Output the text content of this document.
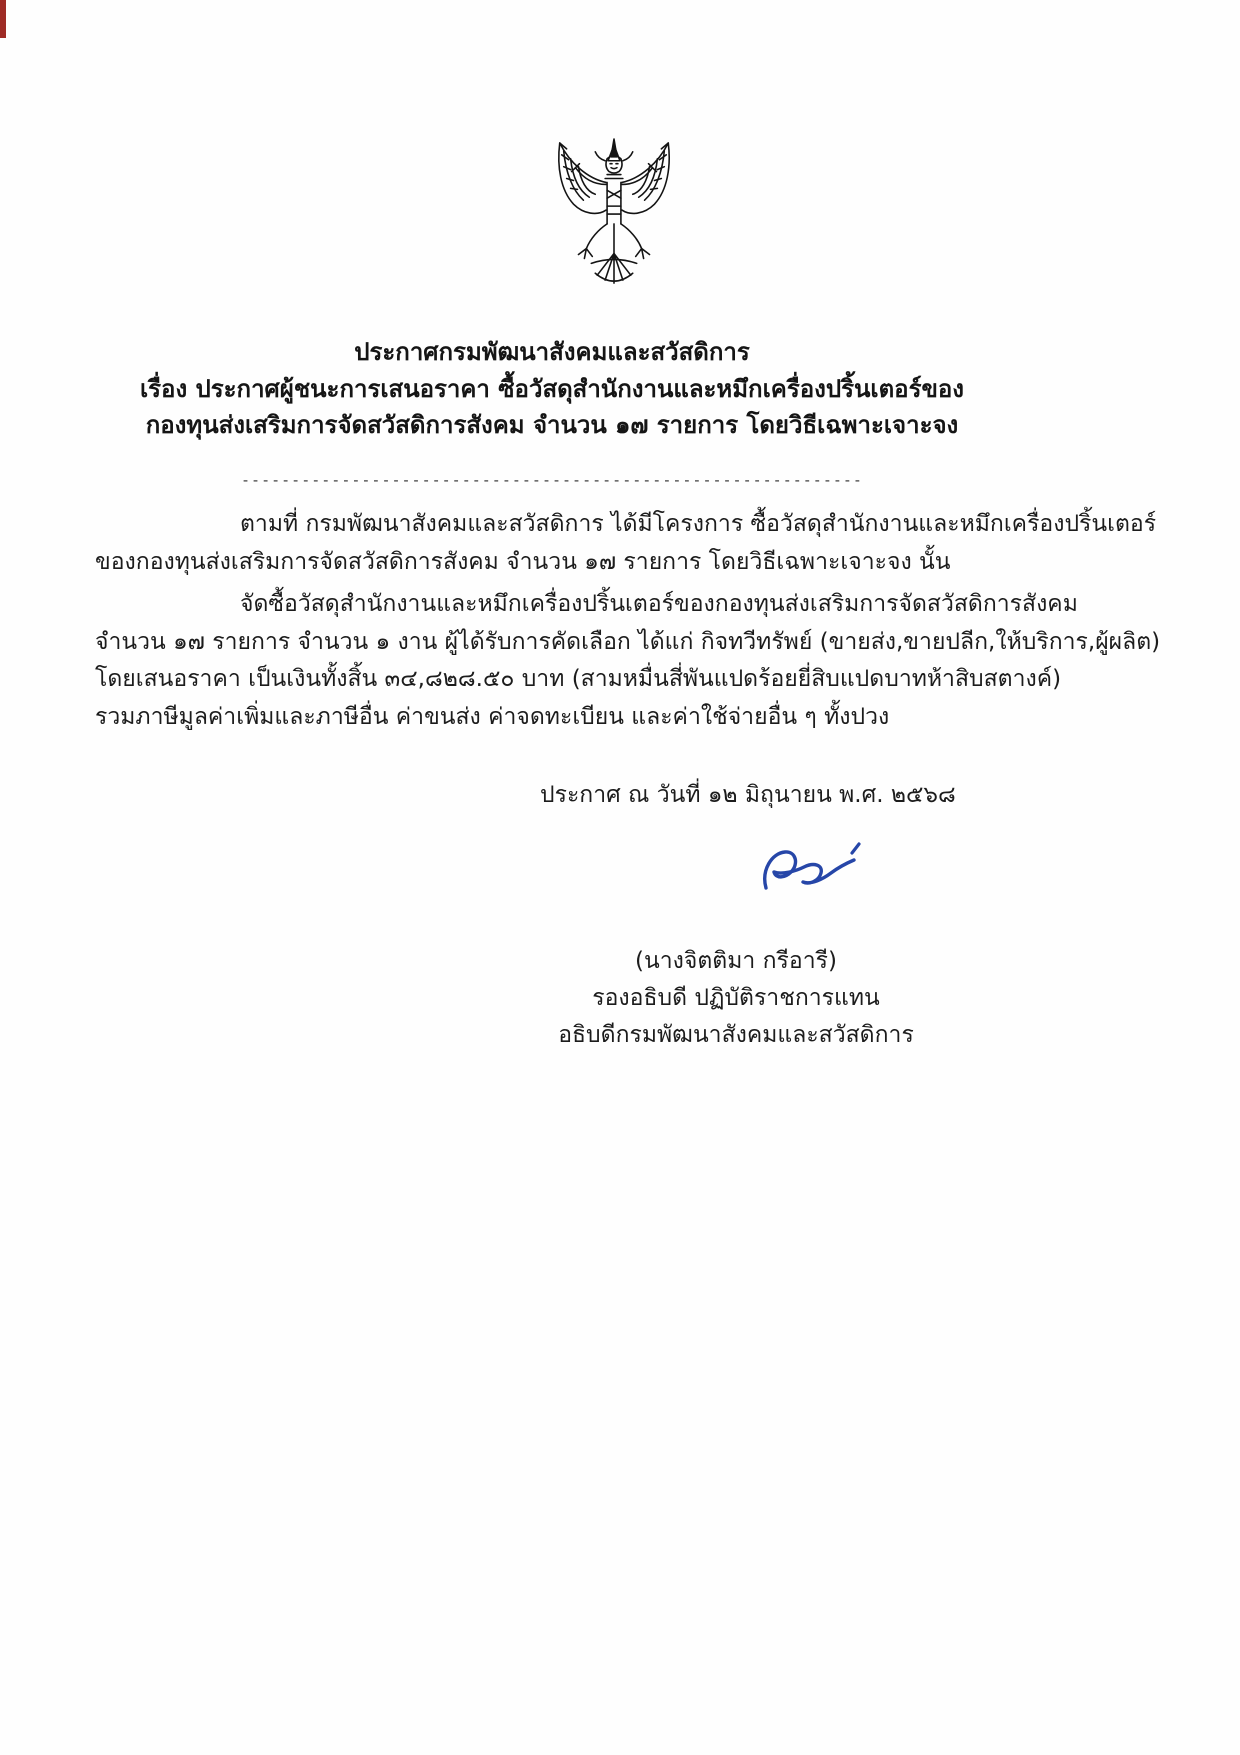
ประกาศกรมพัฒนาสังคมและสวัสดิการ
เรื่อง ประกาศผู้ชนะการเสนอราคา ซื้อวัสดุสำนักงานและหมึกเครื่องปริ้นเตอร์ของ
กองทุนส่งเสริมการจัดสวัสดิการสังคม จำนวน ๑๗ รายการ โดยวิธีเฉพาะเจาะจง
--------------------------------------------------------------
ตามที่ กรมพัฒนาสังคมและสวัสดิการ ได้มีโครงการ ซื้อวัสดุสำนักงานและหมึกเครื่องปริ้นเตอร์
ของกองทุนส่งเสริมการจัดสวัสดิการสังคม จำนวน ๑๗ รายการ โดยวิธีเฉพาะเจาะจง นั้น
จัดซื้อวัสดุสำนักงานและหมึกเครื่องปริ้นเตอร์ของกองทุนส่งเสริมการจัดสวัสดิการสังคม
จำนวน ๑๗ รายการ จำนวน ๑ งาน ผู้ได้รับการคัดเลือก ได้แก่ กิจทวีทรัพย์ (ขายส่ง,ขายปลีก,ให้บริการ,ผู้ผลิต)
โดยเสนอราคา เป็นเงินทั้งสิ้น ๓๔,๘๒๘.๕๐ บาท (สามหมื่นสี่พันแปดร้อยยี่สิบแปดบาทห้าสิบสตางค์)
รวมภาษีมูลค่าเพิ่มและภาษีอื่น ค่าขนส่ง ค่าจดทะเบียน และค่าใช้จ่ายอื่น ๆ ทั้งปวง
ประกาศ ณ วันที่ ๑๒ มิถุนายน พ.ศ. ๒๕๖๘
(นางจิตติมา กรีอารี)
รองอธิบดี ปฏิบัติราชการแทน
อธิบดีกรมพัฒนาสังคมและสวัสดิการ
